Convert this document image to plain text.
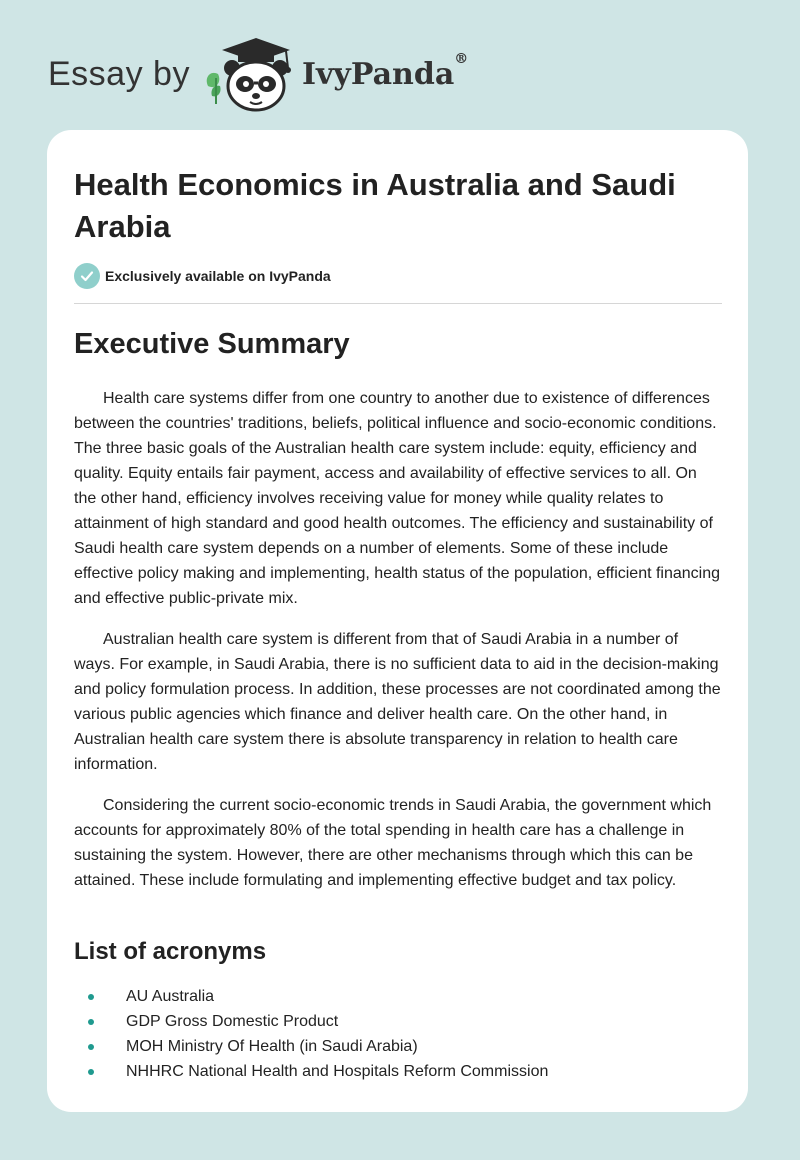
Essay by	IvyPanda®
Health Economics in Australia and Saudi Arabia
Exclusively available on IvyPanda
Executive Summary

Health care systems differ from one country to another due to existence of differences between the countries' traditions, beliefs, political influence and socio-economic conditions. The three basic goals of the Australian health care system include: equity, efficiency and quality. Equity entails fair payment, access and availability of effective services to all. On the other hand, efficiency involves receiving value for money while quality relates to attainment of high standard and good health outcomes. The efficiency and sustainability of Saudi health care system depends on a number of elements. Some of these include effective policy making and implementing, health status of the population, efficient financing and effective public-private mix.

Australian health care system is different from that of Saudi Arabia in a number of ways. For example, in Saudi Arabia, there is no sufficient data to aid in the decision-making and policy formulation process. In addition, these processes are not coordinated among the various public agencies which finance and deliver health care. On the other hand, in Australian health care system there is absolute transparency in relation to health care information.

Considering the current socio-economic trends in Saudi Arabia, the government which accounts for approximately 80% of the total spending in health care has a challenge in sustaining the system. However, there are other mechanisms through which this can be attained. These include formulating and implementing effective budget and tax policy.

List of acronyms
AU Australia
GDP Gross Domestic Product
MOH Ministry Of Health (in Saudi Arabia)
NHHRC National Health and Hospitals Reform Commission
